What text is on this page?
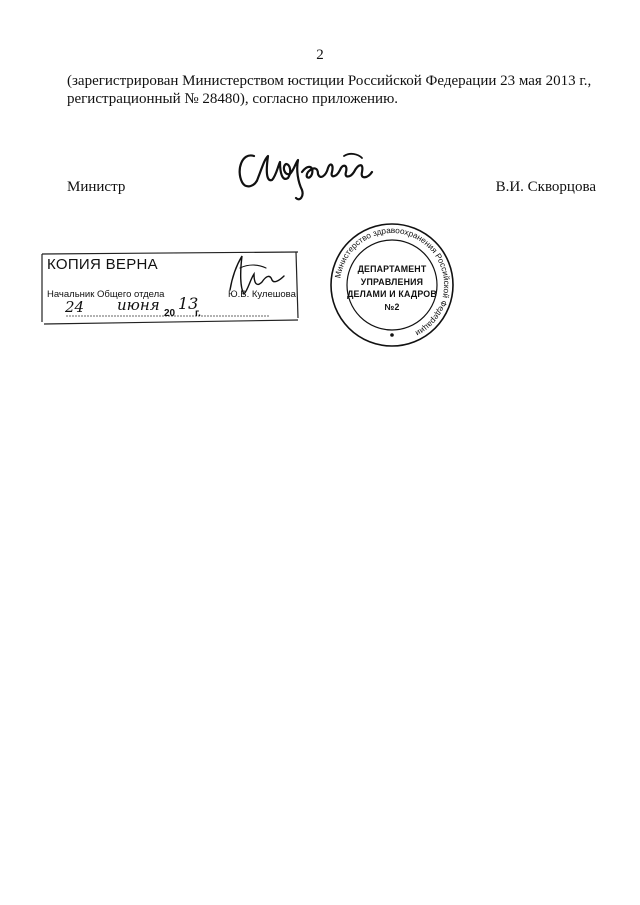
2
(зарегистрирован Министерством юстиции Российской Федерации 23 мая 2013 г.,
регистрационный № 28480), согласно приложению.
Министр	В.И. Скворцова
КОПИЯ ВЕРНА
Начальник Общего отдела	Ю.В. Кулешова
24 июня 20
13
г.
Министерство здравоохранения Российской Федерации
ДЕПАРТАМЕНТ
УПРАВЛЕНИЯ
ДЕЛАМИ И КАДРОВ
№2
